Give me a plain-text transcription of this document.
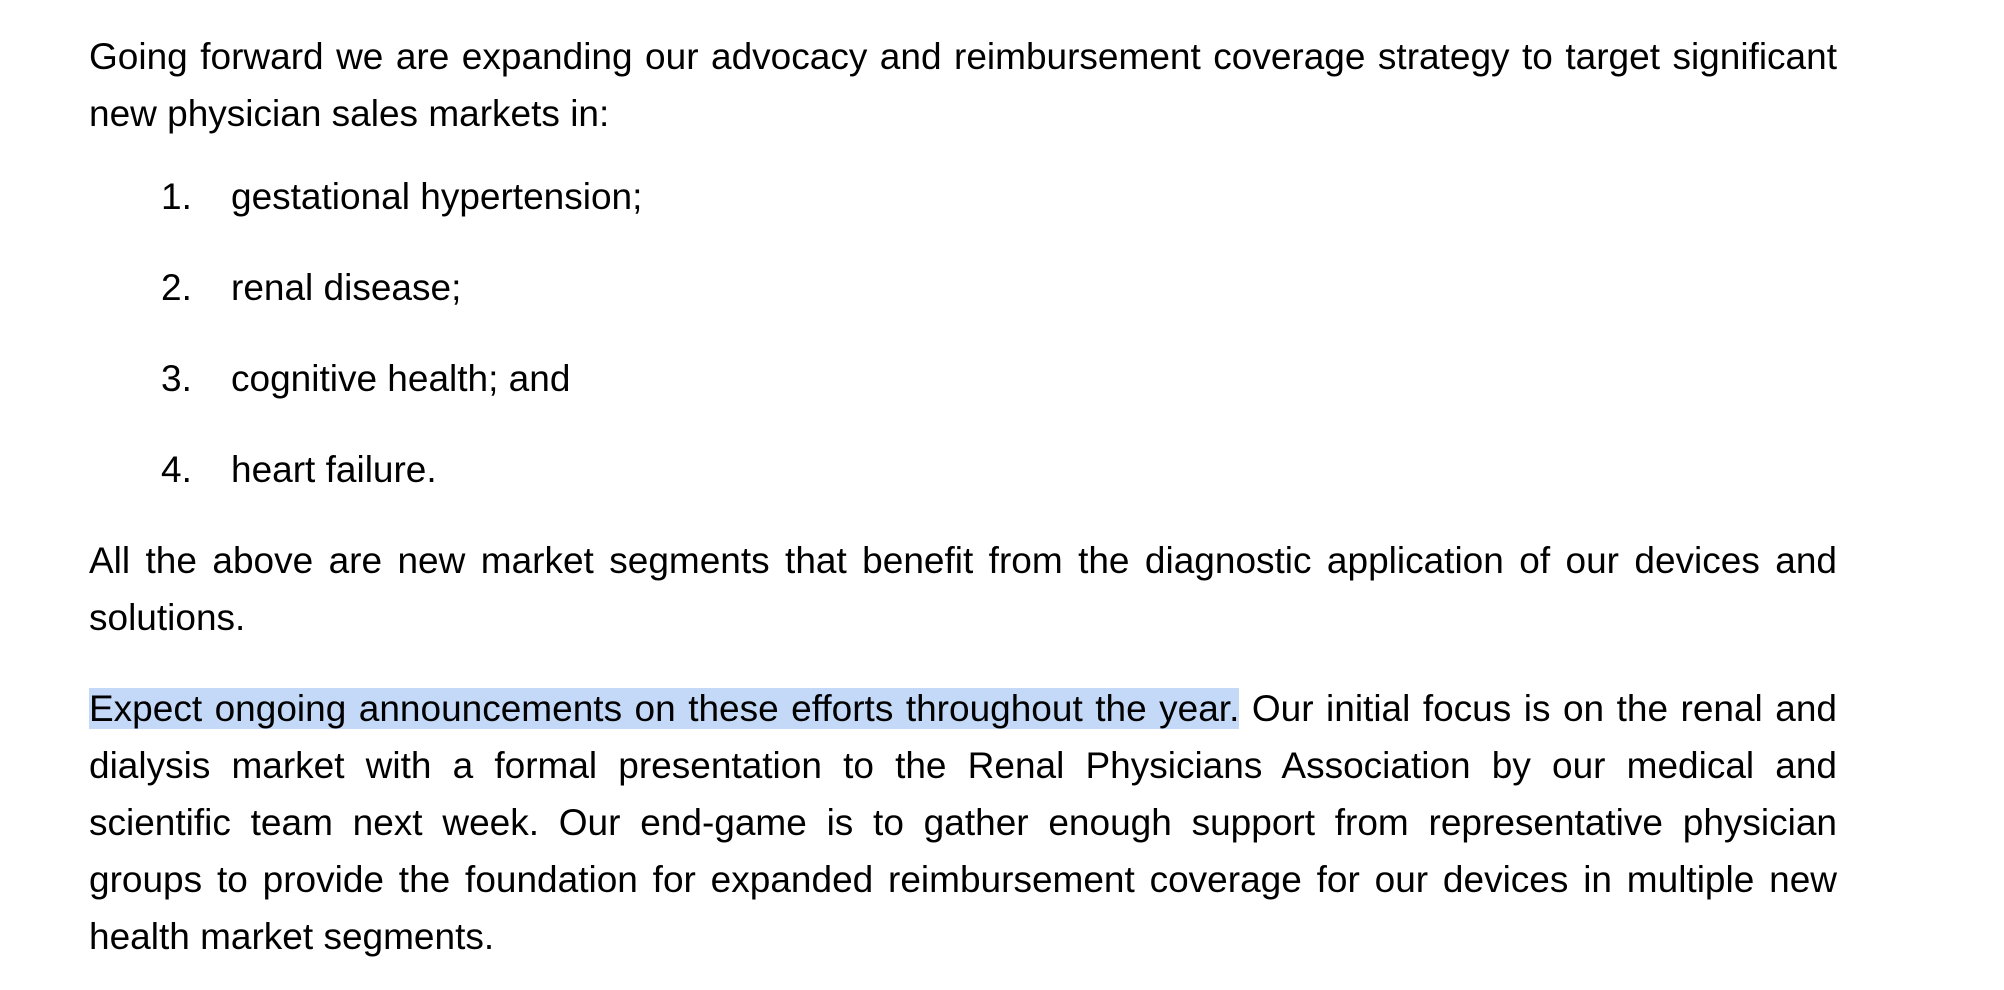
Going forward we are expanding our advocacy and reimbursement coverage strategy to target significant new physician sales markets in:

1. gestational hypertension;
2. renal disease;
3. cognitive health; and
4. heart failure.

All the above are new market segments that benefit from the diagnostic application of our devices and solutions.

Expect ongoing announcements on these efforts throughout the year. Our initial focus is on the renal and dialysis market with a formal presentation to the Renal Physicians Association by our medical and scientific team next week. Our end-game is to gather enough support from representative physician groups to provide the foundation for expanded reimbursement coverage for our devices in multiple new health market segments.
